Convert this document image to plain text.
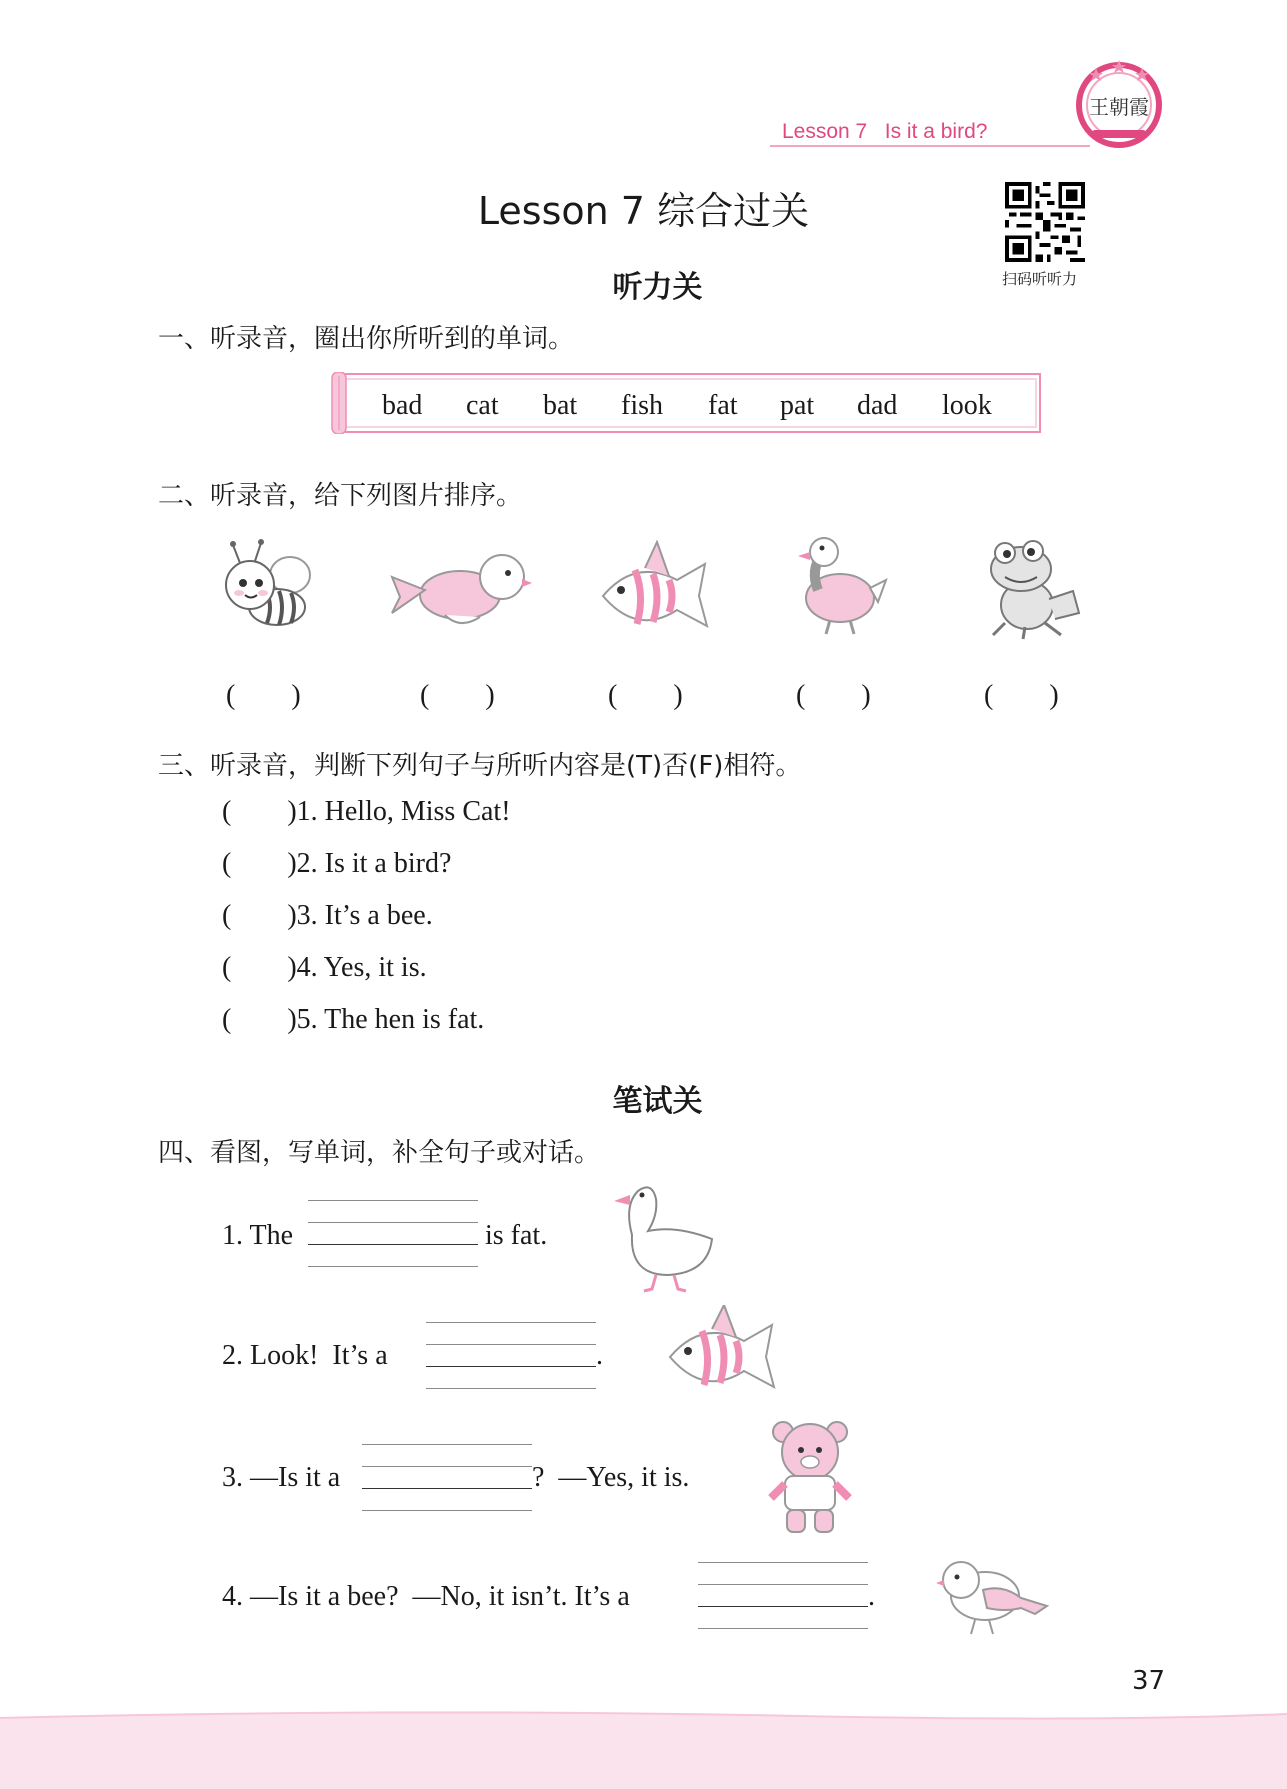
Lesson 7   Is it a bird?
王朝霞
Lesson 7 综合过关
扫码听听力
听力关
一、听录音，圈出你所听到的单词。
bad cat bat fish fat pat dad look
二、听录音，给下列图片排序。
(        )	(        )	(        )	(        )	(        )
三、听录音，判断下列句子与所听内容是(T)否(F)相符。
(        )1. Hello, Miss Cat!
(        )2. Is it a bird?
(        )3. It’s a bee.
(        )4. Yes, it is.
(        )5. The hen is fat.
笔试关
四、看图，写单词，补全句子或对话。
1. The	is fat.
2. Look!  It’s a	.
3. —Is it a	?  —Yes, it is.
4. —Is it a bee?  —No, it isn’t. It’s a	.
37
